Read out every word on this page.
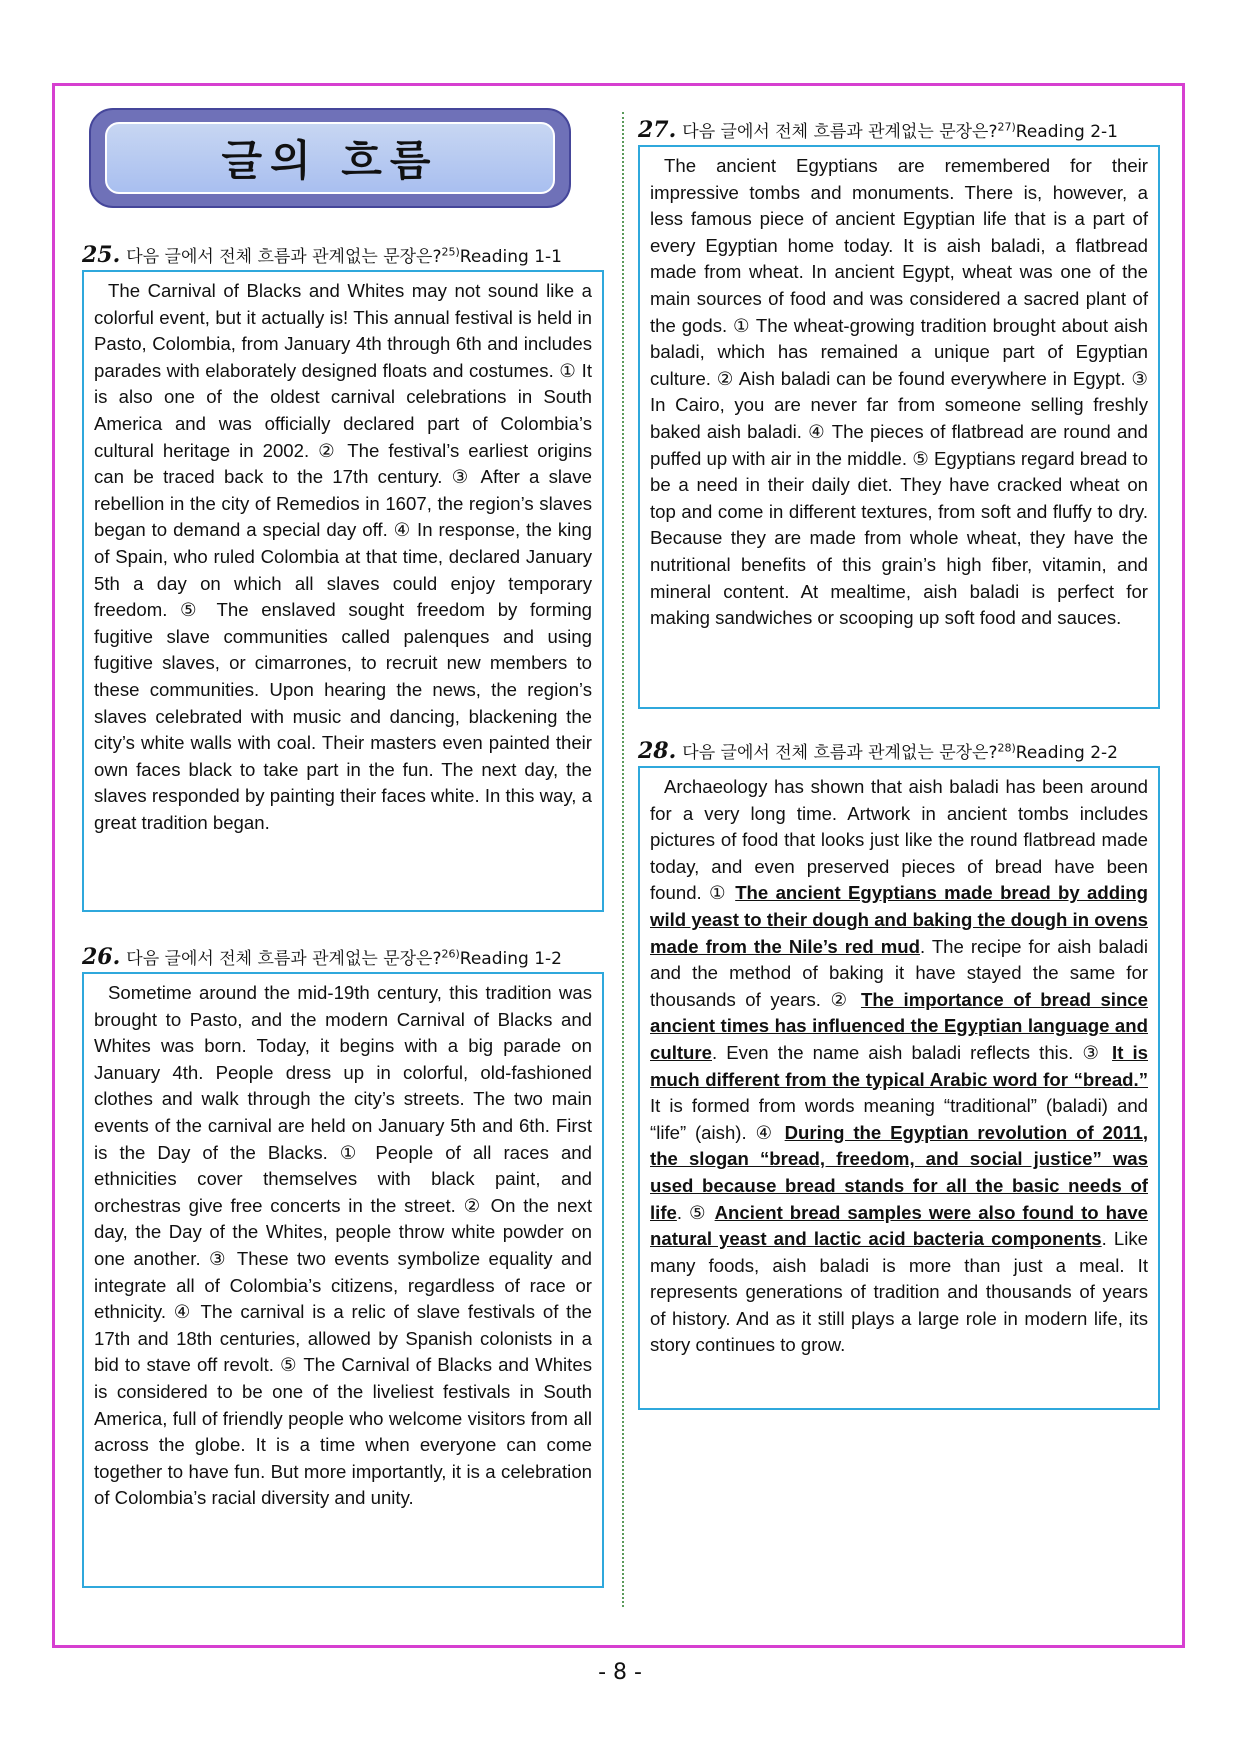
글의 흐름
25. 다음 글에서 전체 흐름과 관계없는 문장은?$^{25)}$Reading 1-1

The Carnival of Blacks and Whites may not sound like a colorful event, but it actually is! This annual festival is held in Pasto, Colombia, from January 4th through 6th and includes parades with elaborately designed floats and costumes. ① It is also one of the oldest carnival celebrations in South America and was officially declared part of Colombia’s cultural heritage in 2002. ② The festival’s earliest origins can be traced back to the 17th century. ③ After a slave rebellion in the city of Remedios in 1607, the region’s slaves began to demand a special day off. ④ In response, the king of Spain, who ruled Colombia at that time, declared January 5th a day on which all slaves could enjoy temporary freedom. ⑤ The enslaved sought freedom by forming fugitive slave communities called palenques and using fugitive slaves, or cimarrones, to recruit new members to these communities. Upon hearing the news, the region’s slaves celebrated with music and dancing, blackening the city’s white walls with coal. Their masters even painted their own faces black to take part in the fun. The next day, the slaves responded by painting their faces white. In this way, a great tradition began.

26. 다음 글에서 전체 흐름과 관계없는 문장은?$^{26)}$Reading 1-2

Sometime around the mid-19th century, this tradition was brought to Pasto, and the modern Carnival of Blacks and Whites was born. Today, it begins with a big parade on January 4th. People dress up in colorful, old-fashioned clothes and walk through the city’s streets. The two main events of the carnival are held on January 5th and 6th. First is the Day of the Blacks. ① People of all races and ethnicities cover themselves with black paint, and orchestras give free concerts in the street. ② On the next day, the Day of the Whites, people throw white powder on one another. ③ These two events symbolize equality and integrate all of Colombia’s citizens, regardless of race or ethnicity. ④ The carnival is a relic of slave festivals of the 17th and 18th centuries, allowed by Spanish colonists in a bid to stave off revolt. ⑤ The Carnival of Blacks and Whites is considered to be one of the liveliest festivals in South America, full of friendly people who welcome visitors from all across the globe. It is a time when everyone can come together to have fun. But more importantly, it is a celebration of Colombia’s racial diversity and unity.

27. 다음 글에서 전체 흐름과 관계없는 문장은?$^{27)}$Reading 2-1

The ancient Egyptians are remembered for their impressive tombs and monuments. There is, however, a less famous piece of ancient Egyptian life that is a part of every Egyptian home today. It is aish baladi, a flatbread made from wheat. In ancient Egypt, wheat was one of the main sources of food and was considered a sacred plant of the gods. ① The wheat-growing tradition brought about aish baladi, which has remained a unique part of Egyptian culture. ② Aish baladi can be found everywhere in Egypt. ③ In Cairo, you are never far from someone selling freshly baked aish baladi. ④ The pieces of flatbread are round and puffed up with air in the middle. ⑤ Egyptians regard bread to be a need in their daily diet. They have cracked wheat on top and come in different textures, from soft and fluffy to dry. Because they are made from whole wheat, they have the nutritional benefits of this grain’s high fiber, vitamin, and mineral content. At mealtime, aish baladi is perfect for making sandwiches or scooping up soft food and sauces.

28. 다음 글에서 전체 흐름과 관계없는 문장은?$^{28)}$Reading 2-2

Archaeology has shown that aish baladi has been around for a very long time. Artwork in ancient tombs includes pictures of food that looks just like the round flatbread made today, and even preserved pieces of bread have been found. ① The ancient Egyptians made bread by adding wild yeast to their dough and baking the dough in ovens made from the Nile’s red mud. The recipe for aish baladi and the method of baking it have stayed the same for thousands of years. ② The importance of bread since ancient times has influenced the Egyptian language and culture. Even the name aish baladi reflects this. ③ It is much different from the typical Arabic word for “bread.” It is formed from words meaning “traditional” (baladi) and “life” (aish). ④ During the Egyptian revolution of 2011, the slogan “bread, freedom, and social justice” was used because bread stands for all the basic needs of life. ⑤ Ancient bread samples were also found to have natural yeast and lactic acid bacteria components. Like many foods, aish baladi is more than just a meal. It represents generations of tradition and thousands of years of history. And as it still plays a large role in modern life, its story continues to grow.

- 8 -
